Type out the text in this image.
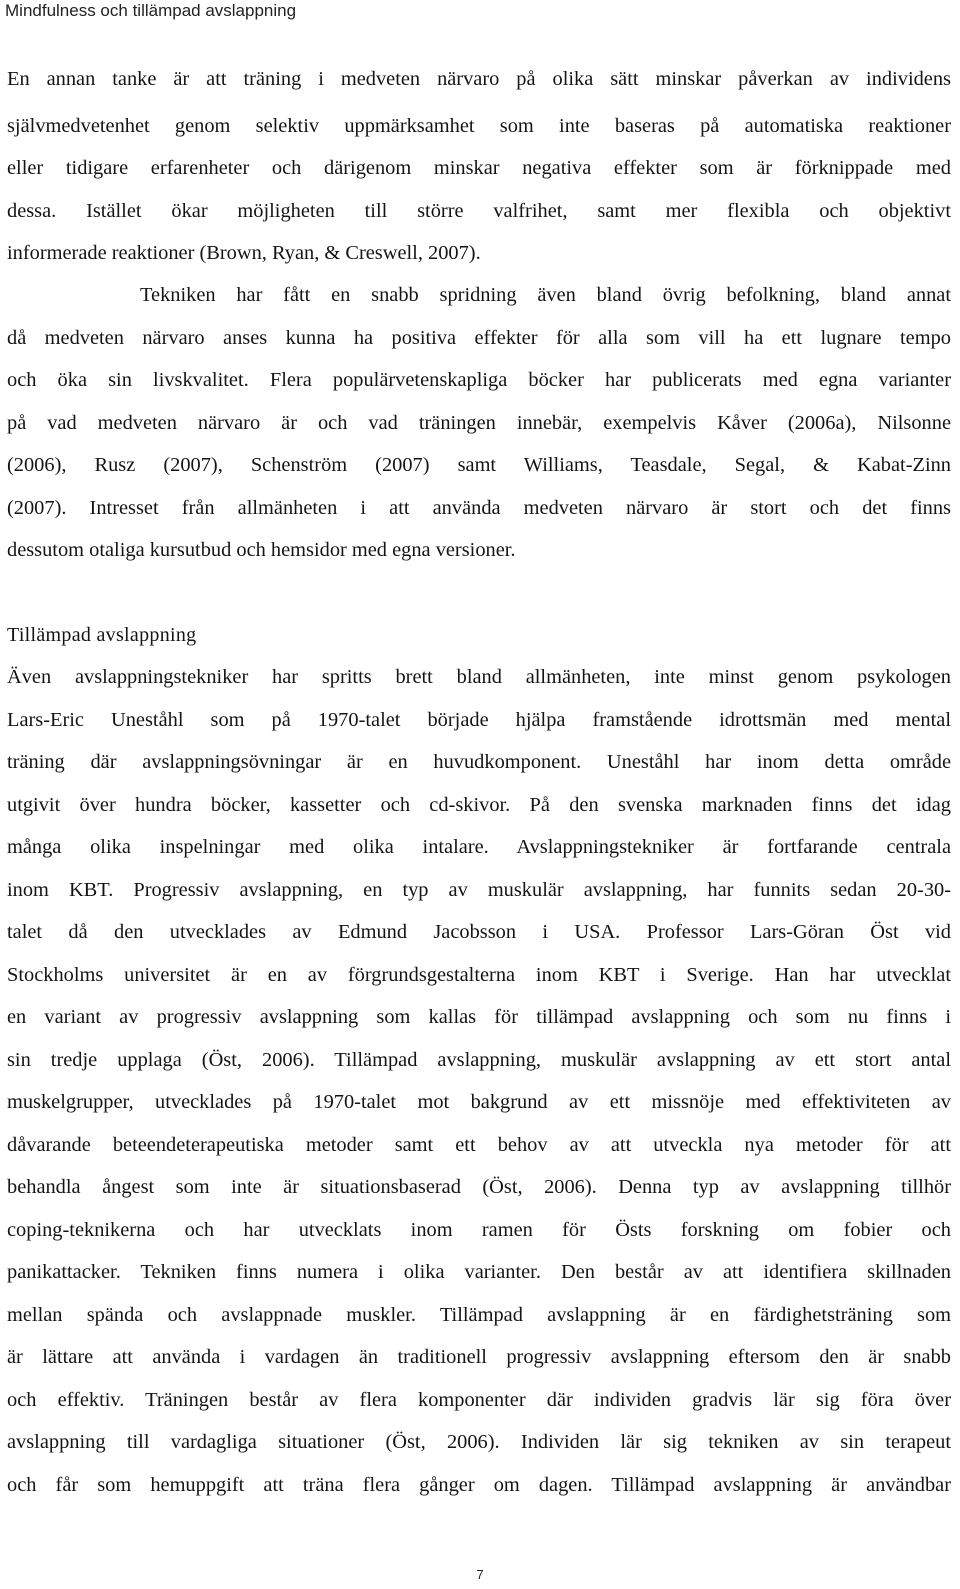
Mindfulness och tillämpad avslappning
En annan tanke är att träning i medveten närvaro på olika sätt minskar påverkan av individens
självmedvetenhet genom selektiv uppmärksamhet som inte baseras på automatiska reaktioner
eller tidigare erfarenheter och därigenom minskar negativa effekter som är förknippade med
dessa. Istället ökar möjligheten till större valfrihet, samt mer flexibla och objektivt
informerade reaktioner (Brown, Ryan, & Creswell, 2007).
Tekniken har fått en snabb spridning även bland övrig befolkning, bland annat
då medveten närvaro anses kunna ha positiva effekter för alla som vill ha ett lugnare tempo
och öka sin livskvalitet. Flera populärvetenskapliga böcker har publicerats med egna varianter
på vad medveten närvaro är och vad träningen innebär, exempelvis Kåver (2006a), Nilsonne
(2006), Rusz (2007), Schenström (2007) samt Williams, Teasdale, Segal, & Kabat-Zinn
(2007). Intresset från allmänheten i att använda medveten närvaro är stort och det finns
dessutom otaliga kursutbud och hemsidor med egna versioner.
Tillämpad avslappning
Även avslappningstekniker har spritts brett bland allmänheten, inte minst genom psykologen
Lars-Eric Uneståhl som på 1970-talet började hjälpa framstående idrottsmän med mental
träning där avslappningsövningar är en huvudkomponent. Uneståhl har inom detta område
utgivit över hundra böcker, kassetter och cd-skivor. På den svenska marknaden finns det idag
många olika inspelningar med olika intalare. Avslappningstekniker är fortfarande centrala
inom KBT. Progressiv avslappning, en typ av muskulär avslappning, har funnits sedan 20-30-
talet då den utvecklades av Edmund Jacobsson i USA. Professor Lars-Göran Öst vid
Stockholms universitet är en av förgrundsgestalterna inom KBT i Sverige. Han har utvecklat
en variant av progressiv avslappning som kallas för tillämpad avslappning och som nu finns i
sin tredje upplaga (Öst, 2006). Tillämpad avslappning, muskulär avslappning av ett stort antal
muskelgrupper, utvecklades på 1970-talet mot bakgrund av ett missnöje med effektiviteten av
dåvarande beteendeterapeutiska metoder samt ett behov av att utveckla nya metoder för att
behandla ångest som inte är situationsbaserad (Öst, 2006). Denna typ av avslappning tillhör
coping-teknikerna och har utvecklats inom ramen för Östs forskning om fobier och
panikattacker. Tekniken finns numera i olika varianter. Den består av att identifiera skillnaden
mellan spända och avslappnade muskler. Tillämpad avslappning är en färdighetsträning som
är lättare att använda i vardagen än traditionell progressiv avslappning eftersom den är snabb
och effektiv. Träningen består av flera komponenter där individen gradvis lär sig föra över
avslappning till vardagliga situationer (Öst, 2006). Individen lär sig tekniken av sin terapeut
och får som hemuppgift att träna flera gånger om dagen. Tillämpad avslappning är användbar
7
